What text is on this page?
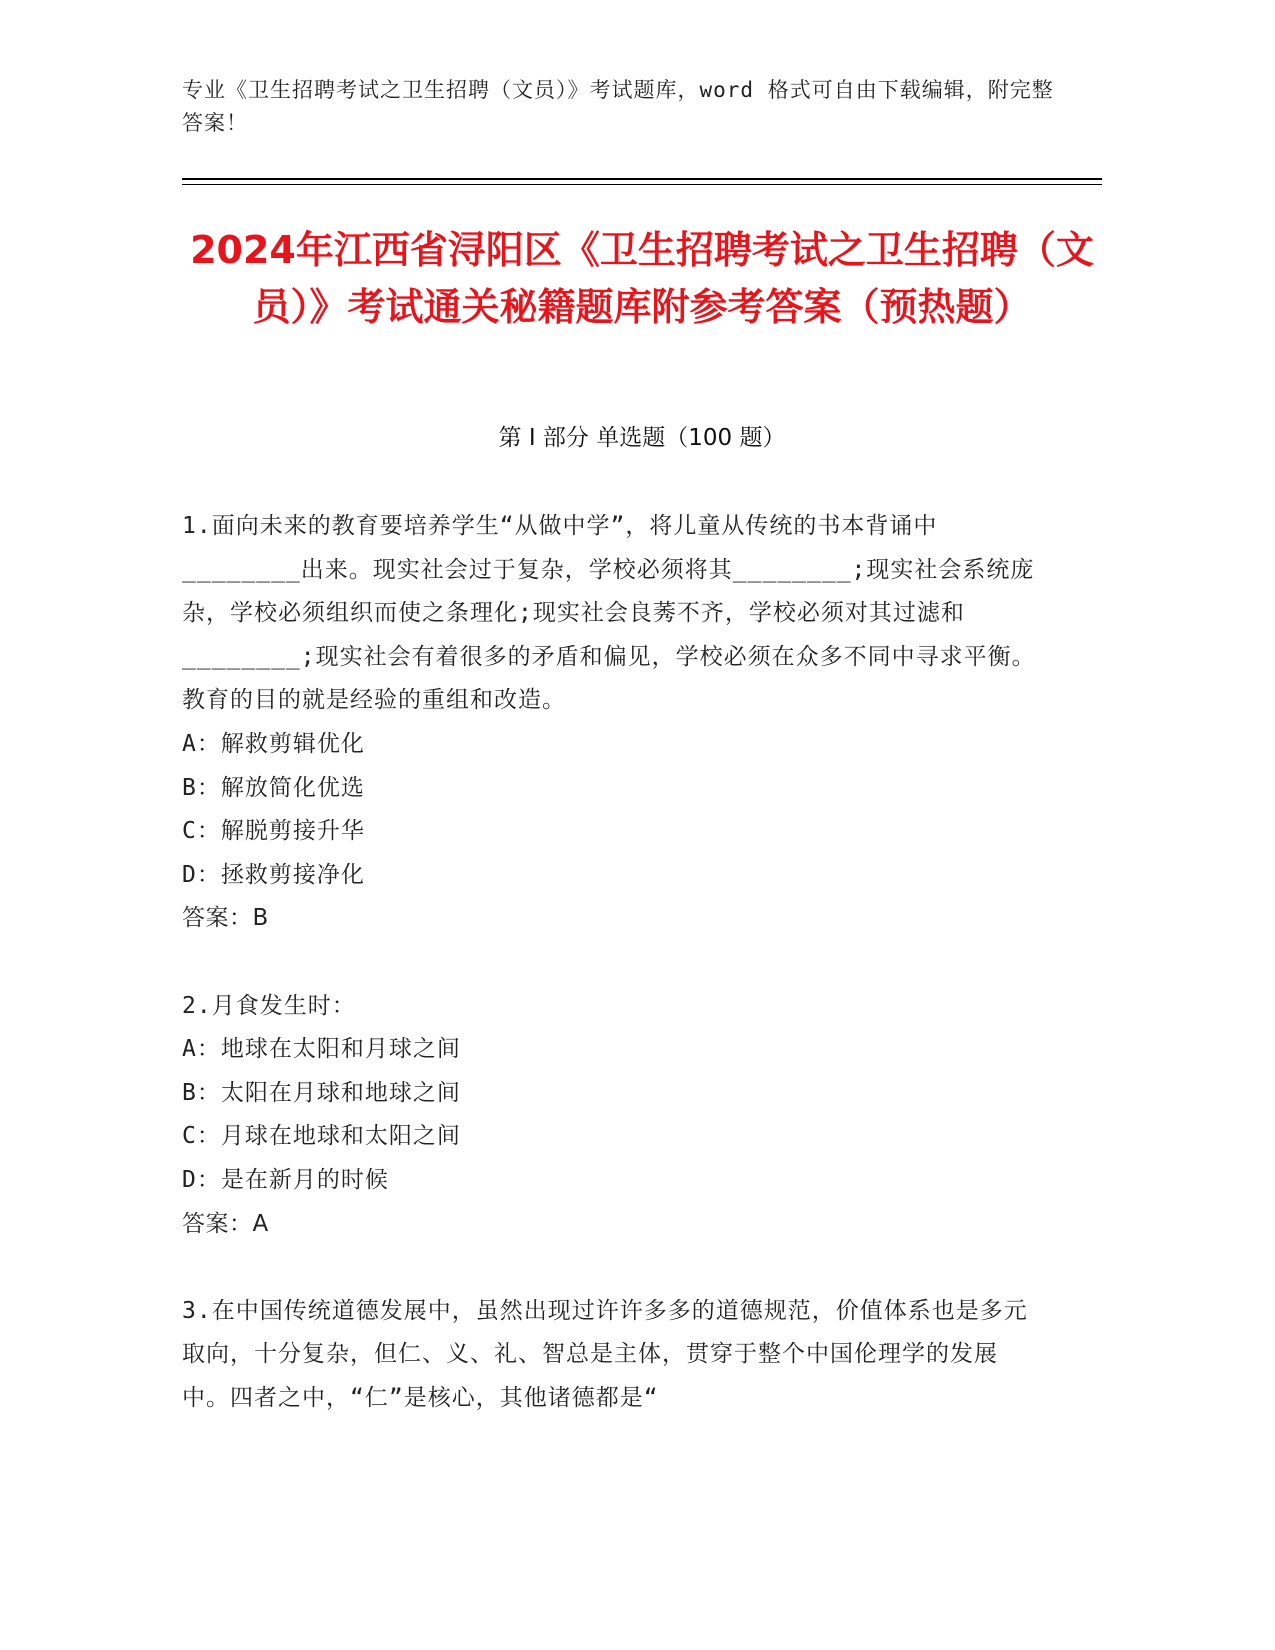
专业《卫生招聘考试之卫生招聘（文员）》考试题库，word 格式可自由下载编辑，附完整答案！
2024年江西省浔阳区《卫生招聘考试之卫生招聘（文员）》考试通关秘籍题库附参考答案（预热题）
第 I 部分 单选题（100 题）
1.面向未来的教育要培养学生“从做中学”，将儿童从传统的书本背诵中________出来。现实社会过于复杂，学校必须将其________;现实社会系统庞杂，学校必须组织而使之条理化;现实社会良莠不齐，学校必须对其过滤和________;现实社会有着很多的矛盾和偏见，学校必须在众多不同中寻求平衡。教育的目的就是经验的重组和改造。
A：解救剪辑优化
B：解放简化优选
C：解脱剪接升华
D：拯救剪接净化
答案：B
2.月食发生时：
A：地球在太阳和月球之间
B：太阳在月球和地球之间
C：月球在地球和太阳之间
D：是在新月的时候
答案：A
3.在中国传统道德发展中，虽然出现过许许多多的道德规范，价值体系也是多元取向，十分复杂，但仁、义、礼、智总是主体，贯穿于整个中国伦理学的发展中。四者之中，“仁”是核心，其他诸德都是“
